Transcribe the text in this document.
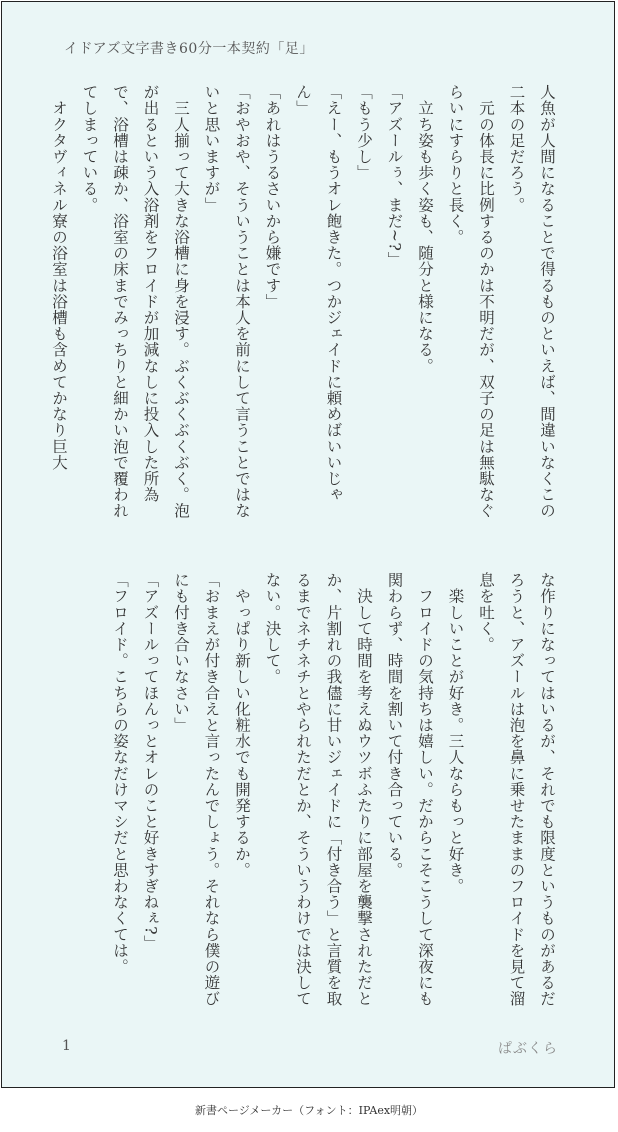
イドアズ文字書き60分一本契約「足」

人魚が人間になることで得るものといえば、間違いなくこの二本の足だろう。

　元の体長に比例するのかは不明だが、双子の足は無駄なぐらいにすらりと長く。

　立ち姿も歩く姿も、随分と様になる。

「アズールぅ、まだ~?」

「もう少し」

「えー、もうオレ飽きた。つかジェイドに頼めばいいじゃん」

「あれはうるさいから嫌です」

「おやおや、そういうことは本人を前にして言うことではないと思いますが」

　三人揃って大きな浴槽に身を浸す。ぶくぶくぶくぶく。泡が出るという入浴剤をフロイドが加減なしに投入した所為で、浴槽は疎か、浴室の床までみっちりと細かい泡で覆われてしまっている。

　オクタヴィネル寮の浴室は浴槽も含めてかなり巨大

な作りになってはいるが、それでも限度というものがあるだろうと、アズールは泡を鼻に乗せたままのフロイドを見て溜息を吐く。

　楽しいことが好き。三人ならもっと好き。

　フロイドの気持ちは嬉しい。だからこそこうして深夜にも関わらず、時間を割いて付き合っている。

　決して時間を考えぬウツボふたりに部屋を襲撃されただとか、片割れの我儘に甘いジェイドに「付き合う」と言質を取るまでネチネチとやられただとか、そういうわけでは決してない。決して。

　やっぱり新しい化粧水でも開発するか。

「おまえが付き合えと言ったんでしょう。それなら僕の遊びにも付き合いなさい」

「アズールってほんっとオレのこと好きすぎねぇ?」

「フロイド。こちらの姿なだけマシだと思わなくては。

1	ぱぶくら
新書ページメーカー（フォント：IPAex明朝）
